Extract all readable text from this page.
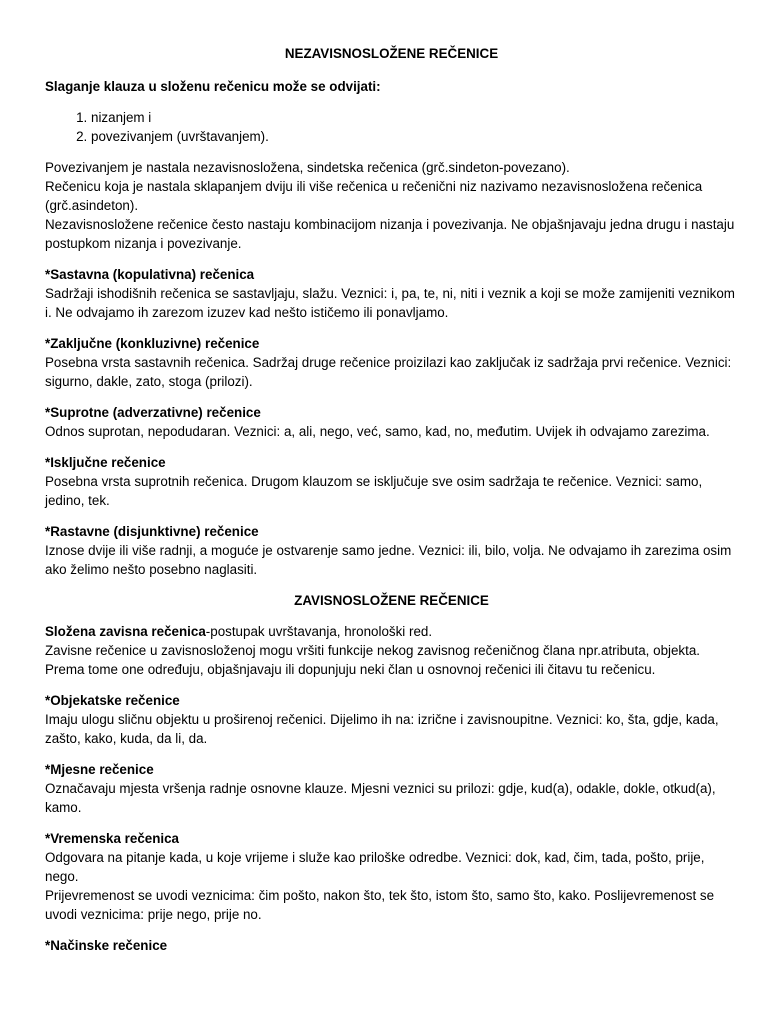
NEZAVISNOSLOŽENE REČENICE
Slaganje klauza u složenu rečenicu može se odvijati:
1. nizanjem i
2. povezivanjem (uvrštavanjem).

Povezivanjem je nastala nezavisnosložena, sindetska rečenica (grč.sindeton-povezano).

Rečenicu koja je nastala sklapanjem dviju ili više rečenica u rečenični niz nazivamo nezavisnosložena rečenica (grč.asindeton).

Nezavisnosložene rečenice često nastaju kombinacijom nizanja i povezivanja. Ne objašnjavaju jedna drugu i nastaju postupkom nizanja i povezivanje.

*Sastavna (kopulativna) rečenica

Sadržaji ishodišnih rečenica se sastavljaju, slažu. Veznici: i, pa, te, ni, niti i veznik a koji se može zamijeniti veznikom i. Ne odvajamo ih zarezom izuzev kad nešto ističemo ili ponavljamo.

*Zaključne (konkluzivne) rečenice

Posebna vrsta sastavnih rečenica. Sadržaj druge rečenice proizilazi kao zaključak iz sadržaja prvi rečenice. Veznici: sigurno, dakle, zato, stoga (prilozi).

*Suprotne (adverzativne) rečenice

Odnos suprotan, nepodudaran. Veznici: a, ali, nego, već, samo, kad, no, međutim. Uvijek ih odvajamo zarezima.

*Isključne rečenice

Posebna vrsta suprotnih rečenica. Drugom klauzom se isključuje sve osim sadržaja te rečenice. Veznici: samo, jedino, tek.

*Rastavne (disjunktivne) rečenice

Iznose dvije ili više radnji, a moguće je ostvarenje samo jedne. Veznici: ili, bilo, volja. Ne odvajamo ih zarezima osim ako želimo nešto posebno naglasiti.

ZAVISNOSLOŽENE REČENICE

Složena zavisna rečenica-postupak uvrštavanja, hronološki red.

Zavisne rečenice u zavisnosloženoj mogu vršiti funkcije nekog zavisnog rečeničnog člana npr.atributa, objekta. Prema tome one određuju, objašnjavaju ili dopunjuju neki član u osnovnoj rečenici ili čitavu tu rečenicu.

*Objekatske rečenice

Imaju ulogu sličnu objektu u proširenoj rečenici. Dijelimo ih na: izrične i zavisnoupitne. Veznici: ko, šta, gdje, kada, zašto, kako, kuda, da li, da.

*Mjesne rečenice

Označavaju mjesta vršenja radnje osnovne klauze. Mjesni veznici su prilozi: gdje, kud(a), odakle, dokle, otkud(a), kamo.

*Vremenska rečenica

Odgovara na pitanje kada, u koje vrijeme i služe kao priloške odredbe. Veznici: dok, kad, čim, tada, pošto, prije, nego.

Prijevremenost se uvodi veznicima: čim pošto, nakon što, tek što, istom što, samo što, kako. Poslijevremenost se uvodi veznicima: prije nego, prije no.

*Načinske rečenice
